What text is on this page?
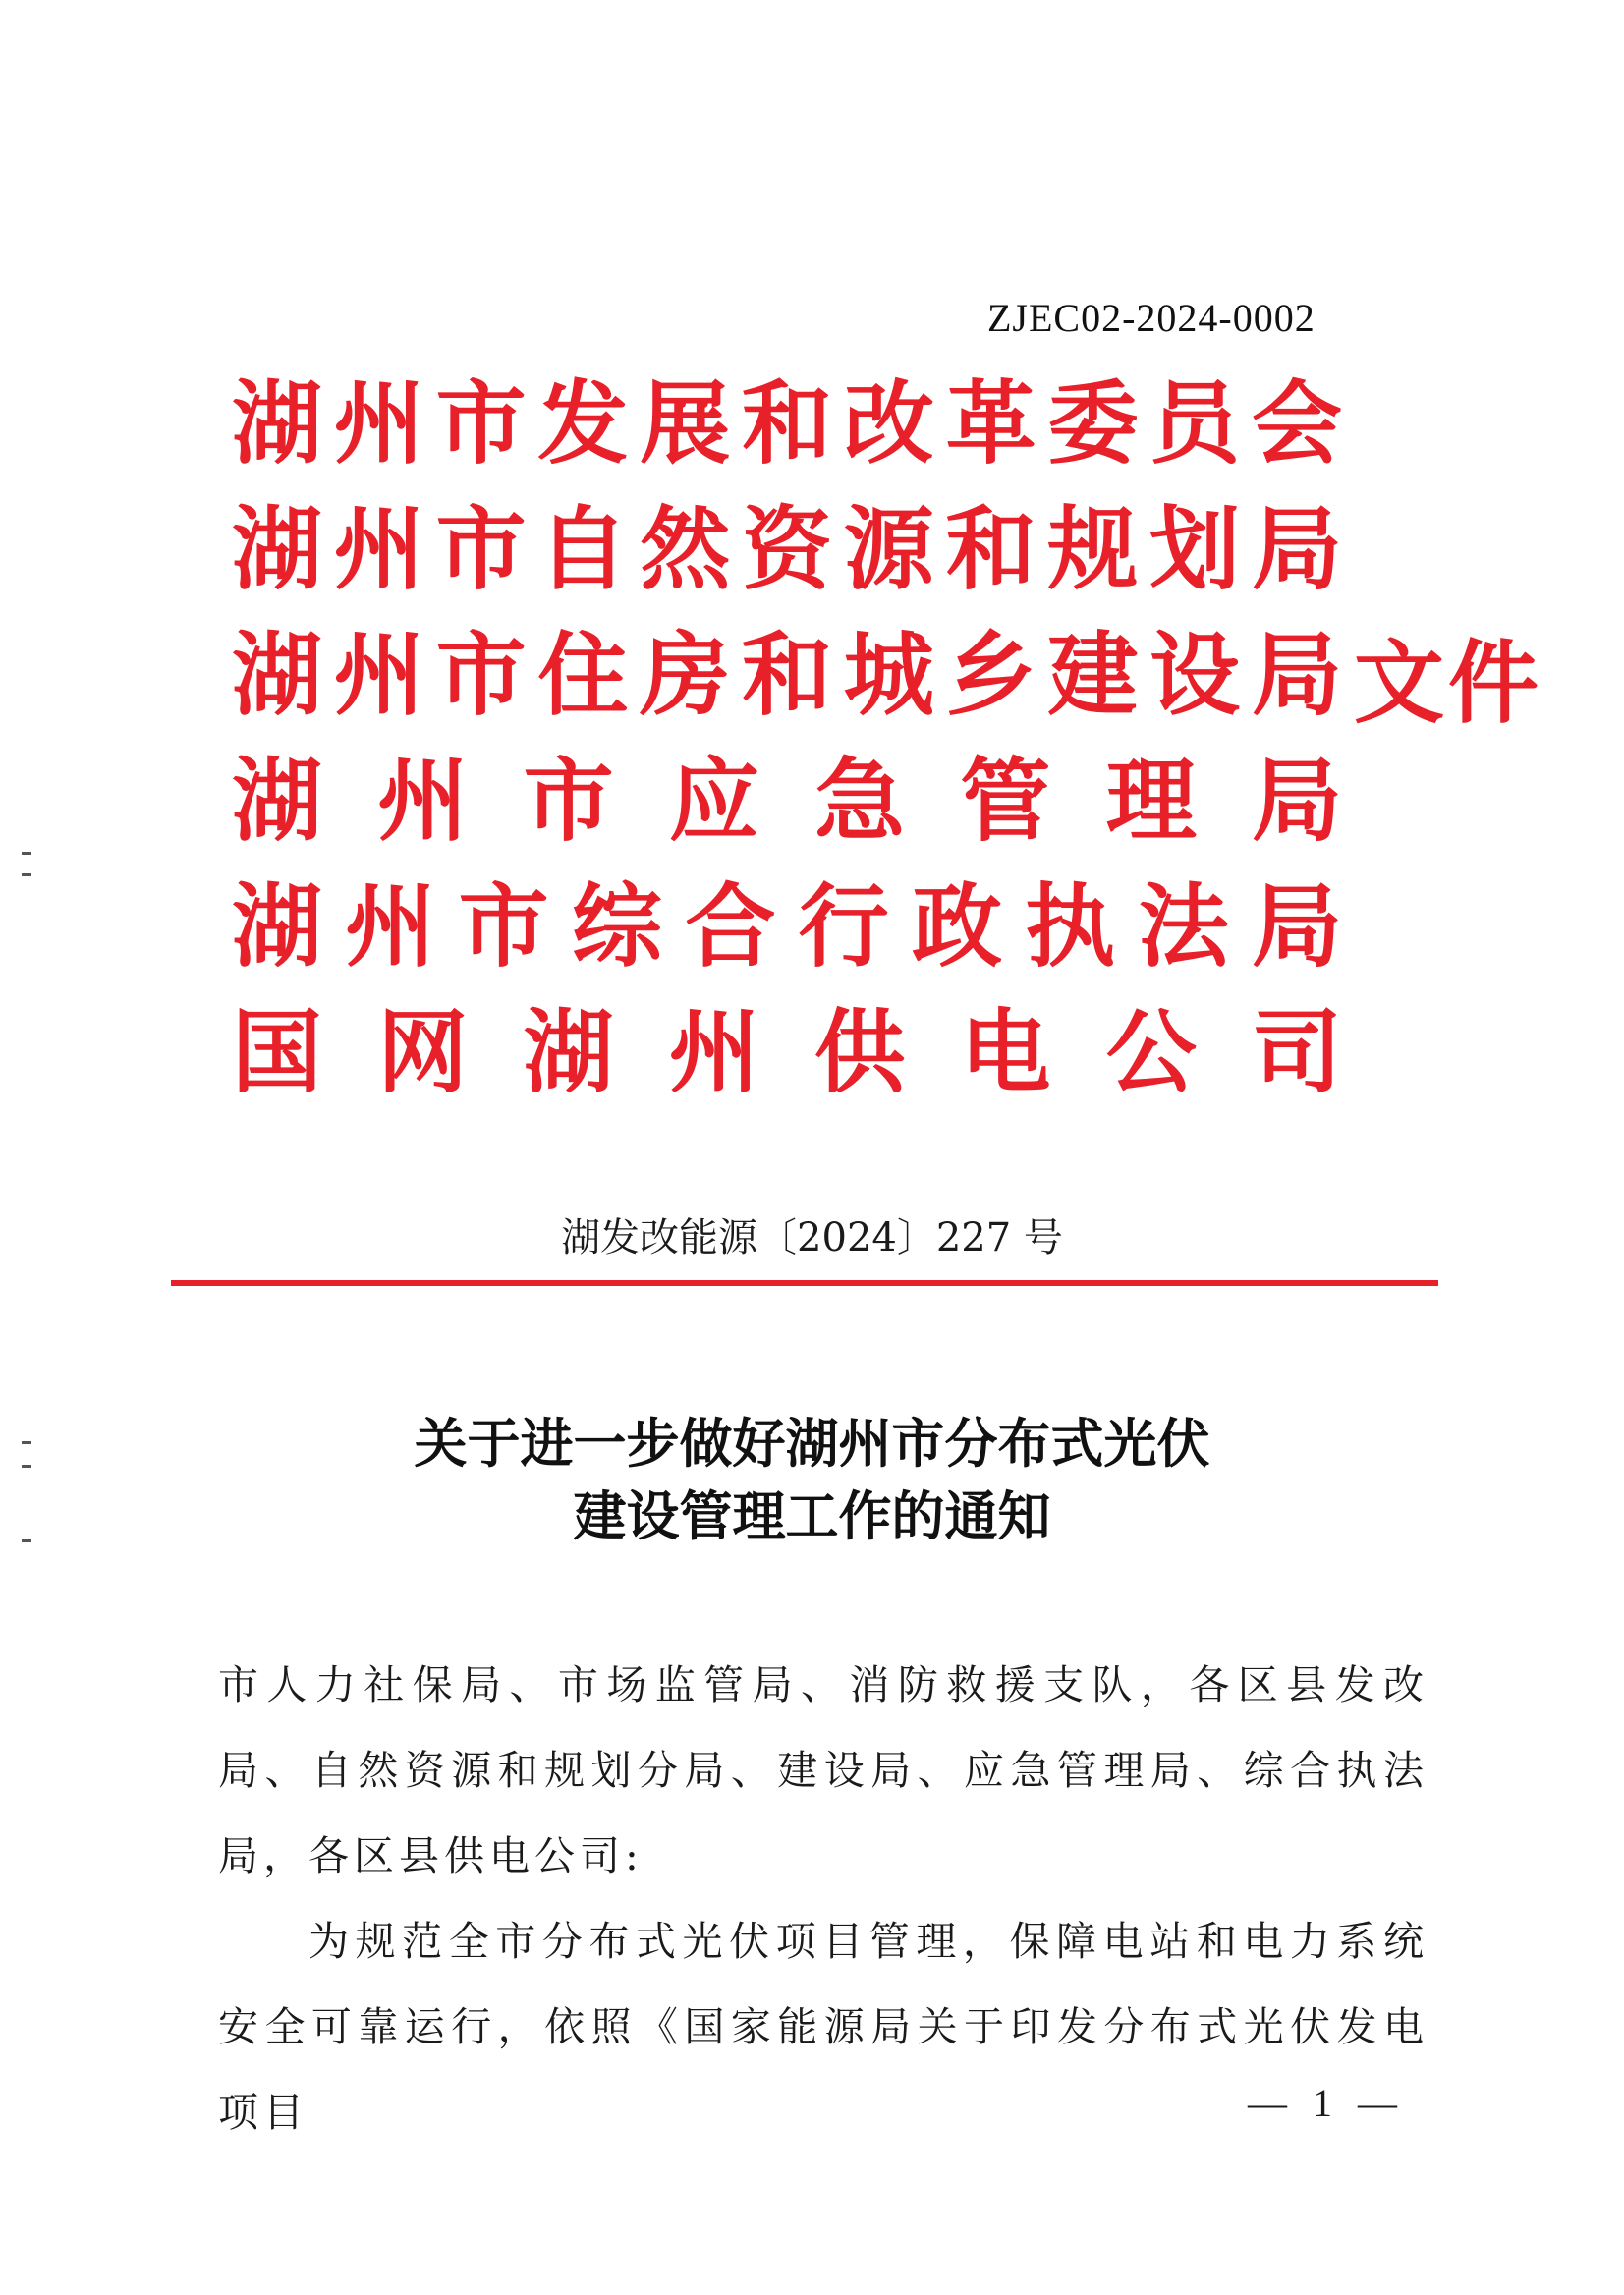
ZJEC02-2024-0002
湖 州 市 发 展 和 改 革 委 员 会
湖 州 市 自 然 资 源 和 规 划 局
湖 州 市 住 房 和 城 乡 建 设 局
湖 州 市 应 急 管 理 局
湖 州 市 综 合 行 政 执 法 局
国 网 湖 州 供 电 公 司
文件
湖发改能源〔2024〕227 号
关于进一步做好湖州市分布式光伏
建设管理工作的通知

市人力社保局、市场监管局、消防救援支队，各区县发改局、自然资源和规划分局、建设局、应急管理局、综合执法局，各区县供电公司:

为规范全市分布式光伏项目管理，保障电站和电力系统安全可靠运行，依照《国家能源局关于印发分布式光伏发电项目	— 1 —
